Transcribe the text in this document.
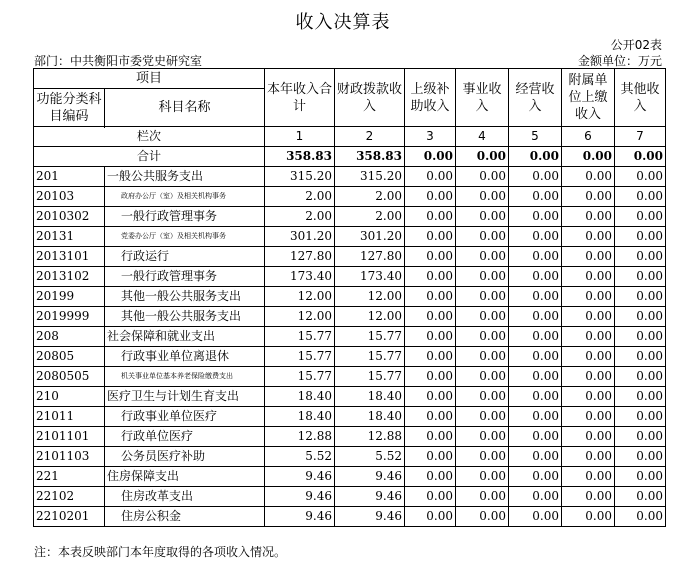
收入决算表
公开02表
部门：中共衡阳市委党史研究室	金额单位：万元
项目		本年收入合计	财政拨款收入	上级补助收入	事业收入	经营收入	附属单位上缴收入	其他收入
功能分类科目编码	科目名称							

栏次		1	2	3	4	5	6	7
合计		358.83	358.83	0.00	0.00	0.00	0.00	0.00
201	一般公共服务支出	315.20	315.20	0.00	0.00	0.00	0.00	0.00
20103	政府办公厅（室）及相关机构事务	2.00	2.00	0.00	0.00	0.00	0.00	0.00
2010302	一般行政管理事务	2.00	2.00	0.00	0.00	0.00	0.00	0.00
20131	党委办公厅（室）及相关机构事务	301.20	301.20	0.00	0.00	0.00	0.00	0.00
2013101	行政运行	127.80	127.80	0.00	0.00	0.00	0.00	0.00
2013102	一般行政管理事务	173.40	173.40	0.00	0.00	0.00	0.00	0.00
20199	其他一般公共服务支出	12.00	12.00	0.00	0.00	0.00	0.00	0.00
2019999	其他一般公共服务支出	12.00	12.00	0.00	0.00	0.00	0.00	0.00
208	社会保障和就业支出	15.77	15.77	0.00	0.00	0.00	0.00	0.00
20805	行政事业单位离退休	15.77	15.77	0.00	0.00	0.00	0.00	0.00
2080505	机关事业单位基本养老保险缴费支出	15.77	15.77	0.00	0.00	0.00	0.00	0.00
210	医疗卫生与计划生育支出	18.40	18.40	0.00	0.00	0.00	0.00	0.00
21011	行政事业单位医疗	18.40	18.40	0.00	0.00	0.00	0.00	0.00
2101101	行政单位医疗	12.88	12.88	0.00	0.00	0.00	0.00	0.00
2101103	公务员医疗补助	5.52	5.52	0.00	0.00	0.00	0.00	0.00
221	住房保障支出	9.46	9.46	0.00	0.00	0.00	0.00	0.00
22102	住房改革支出	9.46	9.46	0.00	0.00	0.00	0.00	0.00
2210201	住房公积金	9.46	9.46	0.00	0.00	0.00	0.00	0.00
注：本表反映部门本年度取得的各项收入情况。
